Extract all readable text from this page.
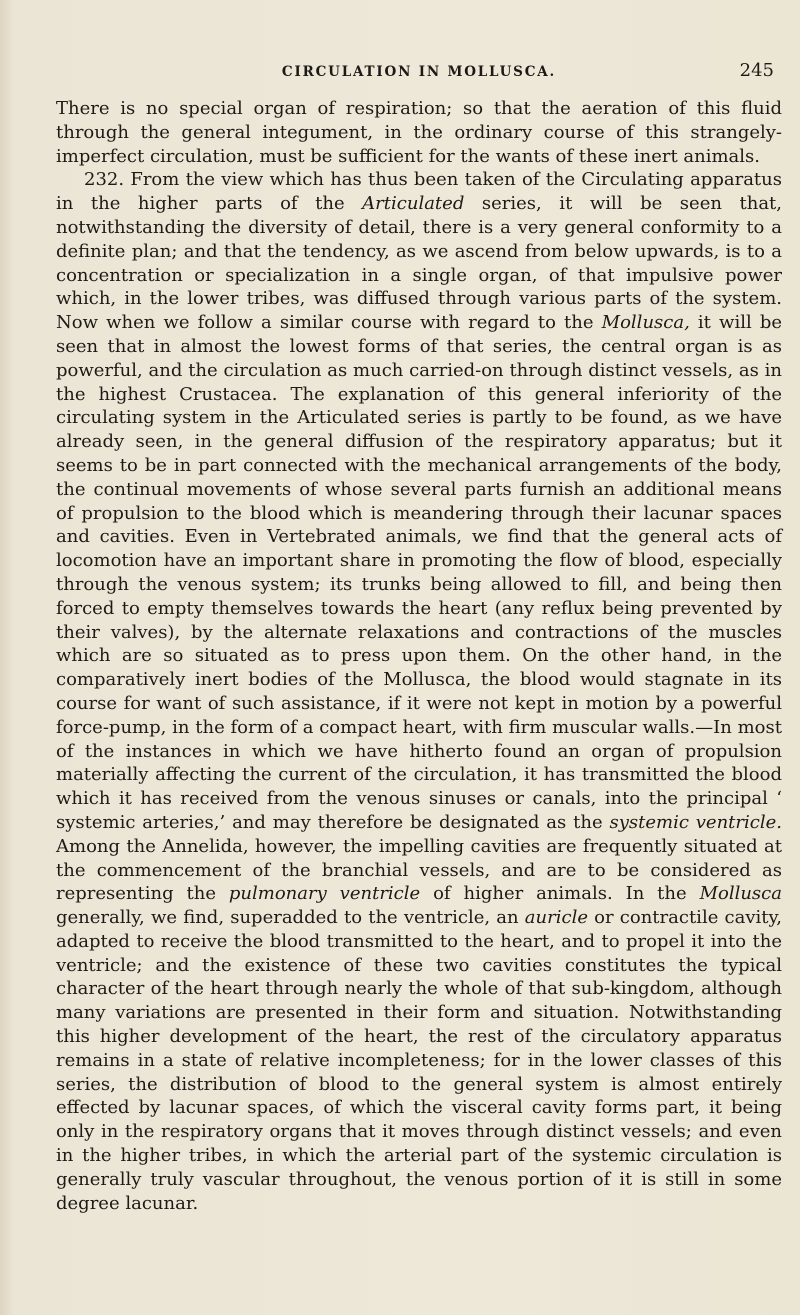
CIRCULATION IN MOLLUSCA.	245

There is no special organ of respiration; so that the aeration of this fluid through the general integument, in the ordinary course of this strangely-imperfect circulation, must be sufficient for the wants of these inert animals.

232. From the view which has thus been taken of the Circulating apparatus in the higher parts of the Articulated series, it will be seen that, notwithstanding the diversity of detail, there is a very general conformity to a definite plan; and that the tendency, as we ascend from below upwards, is to a concentration or specialization in a single organ, of that impulsive power which, in the lower tribes, was diffused through various parts of the system. Now when we follow a similar course with regard to the Mollusca, it will be seen that in almost the lowest forms of that series, the central organ is as powerful, and the circulation as much carried-on through distinct vessels, as in the highest Crustacea. The explanation of this general inferiority of the circulating system in the Articulated series is partly to be found, as we have already seen, in the general diffusion of the respiratory apparatus; but it seems to be in part connected with the mechanical arrangements of the body, the continual movements of whose several parts furnish an additional means of propulsion to the blood which is meandering through their lacunar spaces and cavities. Even in Vertebrated animals, we find that the general acts of locomotion have an important share in promoting the flow of blood, especially through the venous system; its trunks being allowed to fill, and being then forced to empty themselves towards the heart (any reflux being prevented by their valves), by the alternate relaxations and contractions of the muscles which are so situated as to press upon them. On the other hand, in the comparatively inert bodies of the Mollusca, the blood would stagnate in its course for want of such assistance, if it were not kept in motion by a powerful force-pump, in the form of a compact heart, with firm muscular walls.—In most of the instances in which we have hitherto found an organ of propulsion materially affecting the current of the circulation, it has transmitted the blood which it has received from the venous sinuses or canals, into the principal ‘ systemic arteries,’ and may therefore be designated as the systemic ventricle. Among the Annelida, however, the impelling cavities are frequently situated at the commencement of the branchial vessels, and are to be considered as representing the pulmonary ventricle of higher animals. In the Mollusca generally, we find, superadded to the ventricle, an auricle or contractile cavity, adapted to receive the blood transmitted to the heart, and to propel it into the ventricle; and the existence of these two cavities constitutes the typical character of the heart through nearly the whole of that sub-kingdom, although many variations are presented in their form and situation. Notwithstanding this higher development of the heart, the rest of the circulatory apparatus remains in a state of relative incompleteness; for in the lower classes of this series, the distribution of blood to the general system is almost entirely effected by lacunar spaces, of which the visceral cavity forms part, it being only in the respiratory organs that it moves through distinct vessels; and even in the higher tribes, in which the arterial part of the systemic circulation is generally truly vascular throughout, the venous portion of it is still in some degree lacunar.
